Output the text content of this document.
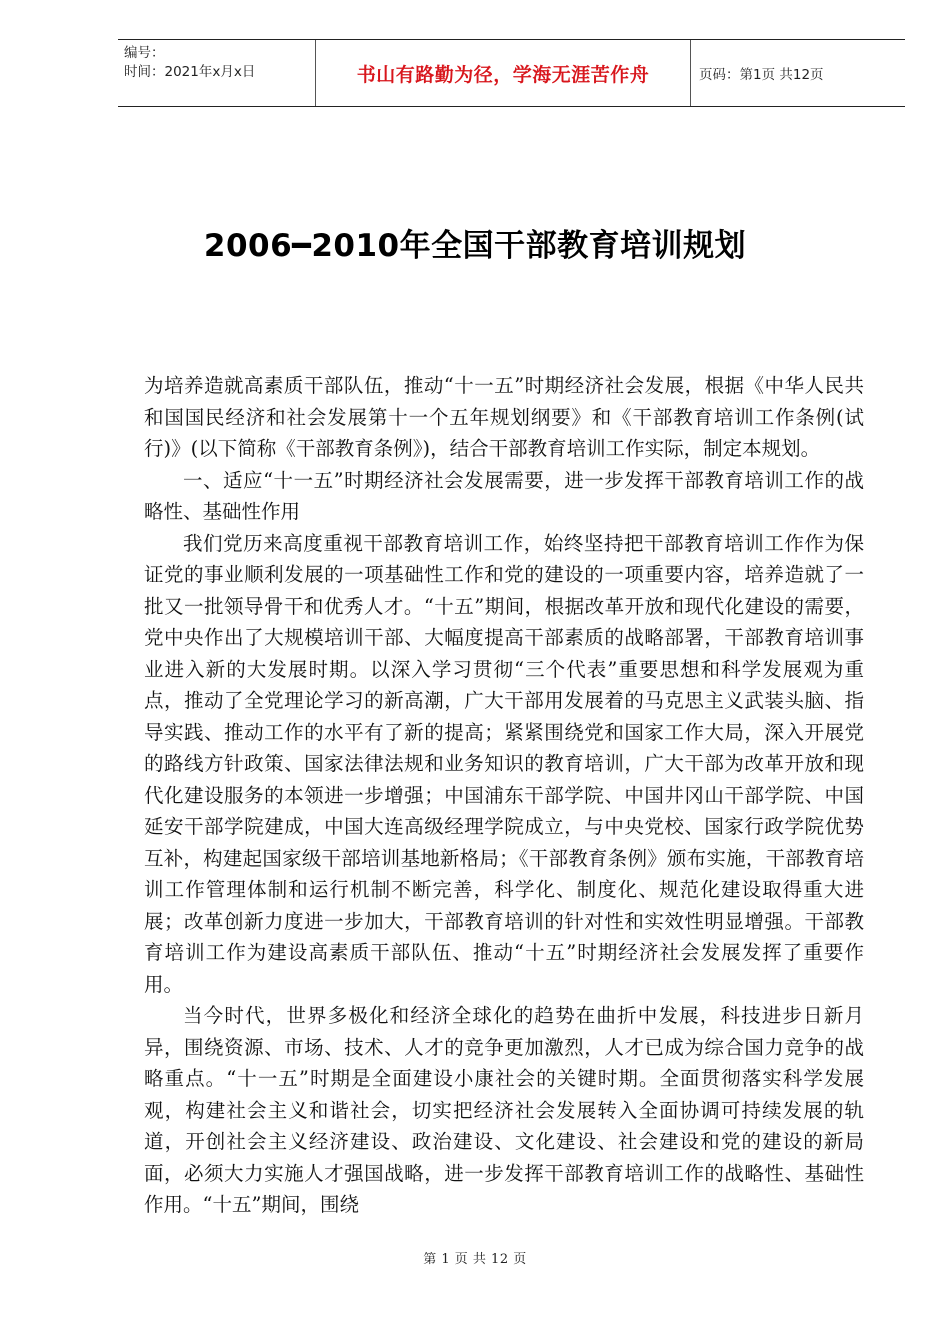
编号：
时间：2021年x月x日	书山有路勤为径，学海无涯苦作舟	页码：第1页 共12页
2006━2010年全国干部教育培训规划

为培养造就高素质干部队伍，推动“十一五”时期经济社会发展，根据《中华人民共和国国民经济和社会发展第十一个五年规划纲要》和《干部教育培训工作条例(试行)》(以下简称《干部教育条例》)，结合干部教育培训工作实际，制定本规划。

一、适应“十一五”时期经济社会发展需要，进一步发挥干部教育培训工作的战略性、基础性作用

我们党历来高度重视干部教育培训工作，始终坚持把干部教育培训工作作为保证党的事业顺利发展的一项基础性工作和党的建设的一项重要内容，培养造就了一批又一批领导骨干和优秀人才。“十五”期间，根据改革开放和现代化建设的需要，党中央作出了大规模培训干部、大幅度提高干部素质的战略部署，干部教育培训事业进入新的大发展时期。以深入学习贯彻“三个代表”重要思想和科学发展观为重点，推动了全党理论学习的新高潮，广大干部用发展着的马克思主义武装头脑、指导实践、推动工作的水平有了新的提高；紧紧围绕党和国家工作大局，深入开展党的路线方针政策、国家法律法规和业务知识的教育培训，广大干部为改革开放和现代化建设服务的本领进一步增强；中国浦东干部学院、中国井冈山干部学院、中国延安干部学院建成，中国大连高级经理学院成立，与中央党校、国家行政学院优势互补，构建起国家级干部培训基地新格局；《干部教育条例》颁布实施，干部教育培训工作管理体制和运行机制不断完善，科学化、制度化、规范化建设取得重大进展；改革创新力度进一步加大，干部教育培训的针对性和实效性明显增强。干部教育培训工作为建设高素质干部队伍、推动“十五”时期经济社会发展发挥了重要作用。

当今时代，世界多极化和经济全球化的趋势在曲折中发展，科技进步日新月异，围绕资源、市场、技术、人才的竞争更加激烈，人才已成为综合国力竞争的战略重点。“十一五”时期是全面建设小康社会的关键时期。全面贯彻落实科学发展观，构建社会主义和谐社会，切实把经济社会发展转入全面协调可持续发展的轨道，开创社会主义经济建设、政治建设、文化建设、社会建设和党的建设的新局面，必须大力实施人才强国战略，进一步发挥干部教育培训工作的战略性、基础性作用。“十五”期间，围绕

第 1 页 共 12 页
